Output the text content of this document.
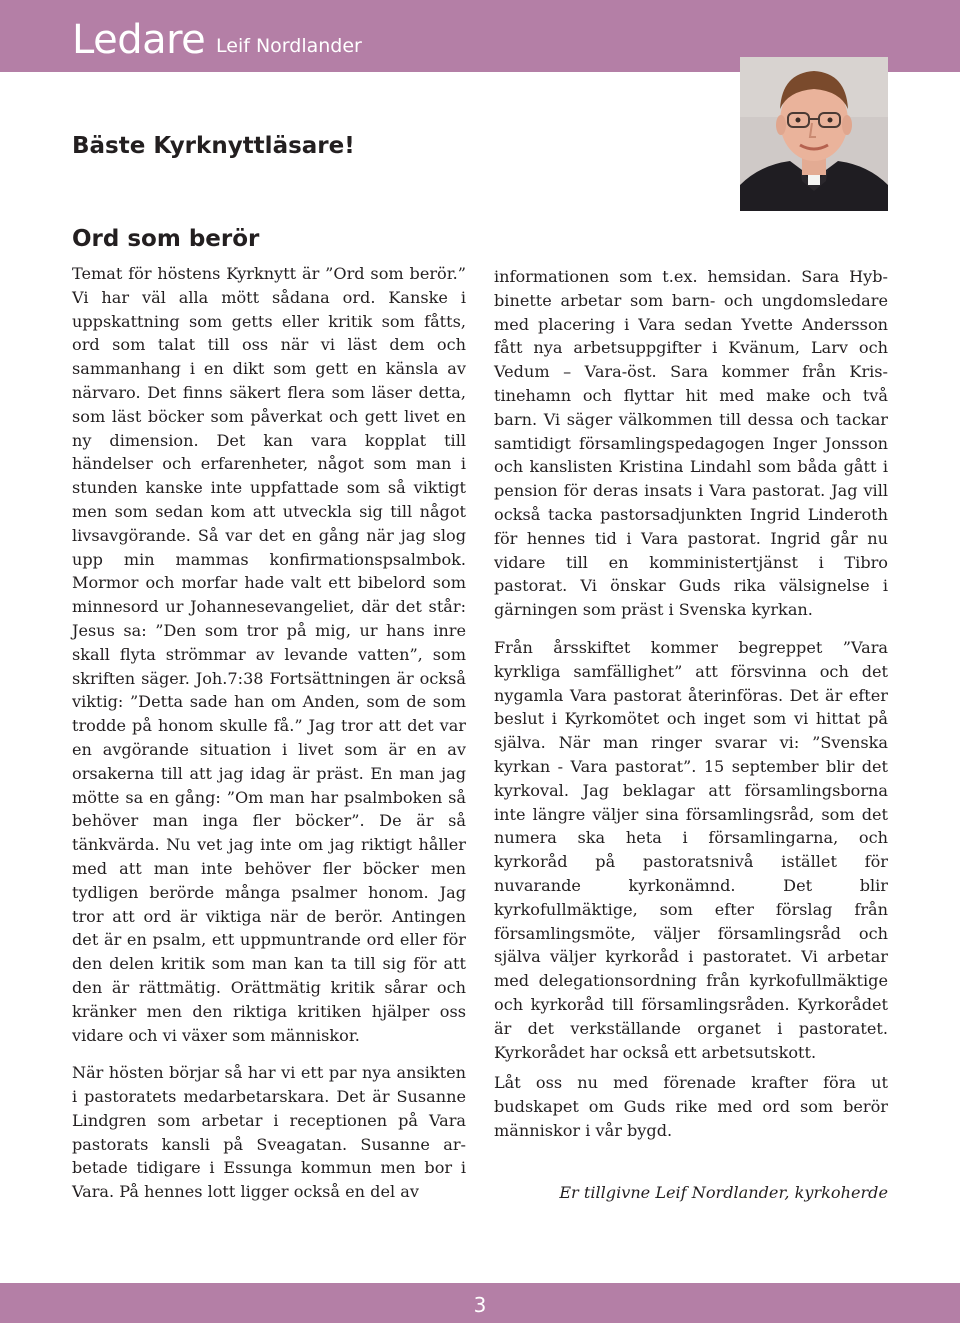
Ledare Leif Nordlander
Bäste Kyrknyttläsare!
Ord som berör

Temat för höstens Kyrknytt är ”Ord som berör.” Vi har väl alla mött sådana ord. Kanske i uppskattning som getts eller kritik som fåtts, ord som talat till oss när vi läst dem och sammanhang i en dikt som gett en känsla av närvaro. Det finns säkert flera som läser detta, som läst böcker som påverkat och gett livet en ny dimension. Det kan vara kopplat till händelser och erfarenheter, något som man i stunden kanske inte uppfattade som så viktigt men som sedan kom att utveckla sig till något livsavgörande. Så var det en gång när jag slog upp min mammas konfirmationspsalmbok. Mormor och morfar hade valt ett bibelord som minnesord ur Johannesevangeliet, där det står: Jesus sa: ”Den som tror på mig, ur hans inre skall flyta strömmar av levande vatten”, som skriften säger. Joh.7:38 Fortsättningen är också viktig: ”Detta sade han om Anden, som de som trodde på honom skulle få.” Jag tror att det var en avgörande situation i livet som är en av orsakerna till att jag idag är präst. En man jag mötte sa en gång: ”Om man har psalmboken så behöver man inga fler böcker”. De är så tänkvärda. Nu vet jag inte om jag riktigt håller med att man inte behöver fler böcker men tydligen berörde många psalmer honom. Jag tror att ord är viktiga när de berör. Antingen det är en psalm, ett uppmuntrande ord eller för den delen kritik som man kan ta till sig för att den är rättmätig. Orättmätig kritik sårar och kränker men den riktiga kritiken hjälper oss vidare och vi växer som människor.

När hösten börjar så har vi ett par nya ansikten i pastoratets medarbetarskara. Det är Susanne Lindgren som arbetar i receptionen på Vara pastorats kansli på Sveagatan. Susanne arbetade tidigare i Essunga kommun men bor i Vara. På hennes lott ligger också en del av

informationen som t.ex. hemsidan. Sara Hybbinette arbetar som barn- och ungdomsledare med placering i Vara sedan Yvette Andersson fått nya arbetsuppgifter i Kvänum, Larv och Vedum – Vara-öst. Sara kommer från Kristinehamn och flyttar hit med make och två barn. Vi säger välkommen till dessa och tackar samtidigt församlingspedagogen Inger Jonsson och kanslisten Kristina Lindahl som båda gått i pension för deras insats i Vara pastorat. Jag vill också tacka pastorsadjunkten Ingrid Linderoth för hennes tid i Vara pastorat. Ingrid går nu vidare till en komministertjänst i Tibro pastorat. Vi önskar Guds rika välsignelse i gärningen som präst i Svenska kyrkan.

Från årsskiftet kommer begreppet ”Vara kyrkliga samfällighet” att försvinna och det nygamla Vara pastorat återinföras. Det är efter beslut i Kyrkomötet och inget som vi hittat på själva. När man ringer svarar vi: ”Svenska kyrkan - Vara pastorat”. 15 september blir det kyrkoval. Jag beklagar att församlingsborna inte längre väljer sina församlingsråd, som det numera ska heta i församlingarna, och kyrkoråd på pastoratsnivå istället för nuvarande kyrkonämnd. Det blir kyrkofullmäktige, som efter förslag från församlingsmöte, väljer församlingsråd och själva väljer kyrkoråd i pastoratet. Vi arbetar med delegationsordning från kyrkofullmäktige och kyrkoråd till församlingsråden. Kyrkorådet är det verkställande organet i pastoratet. Kyrkorådet har också ett arbetsutskott.

Låt oss nu med förenade krafter föra ut budskapet om Guds rike med ord som berör människor i vår bygd.

Er tillgivne Leif Nordlander, kyrkoherde

3
